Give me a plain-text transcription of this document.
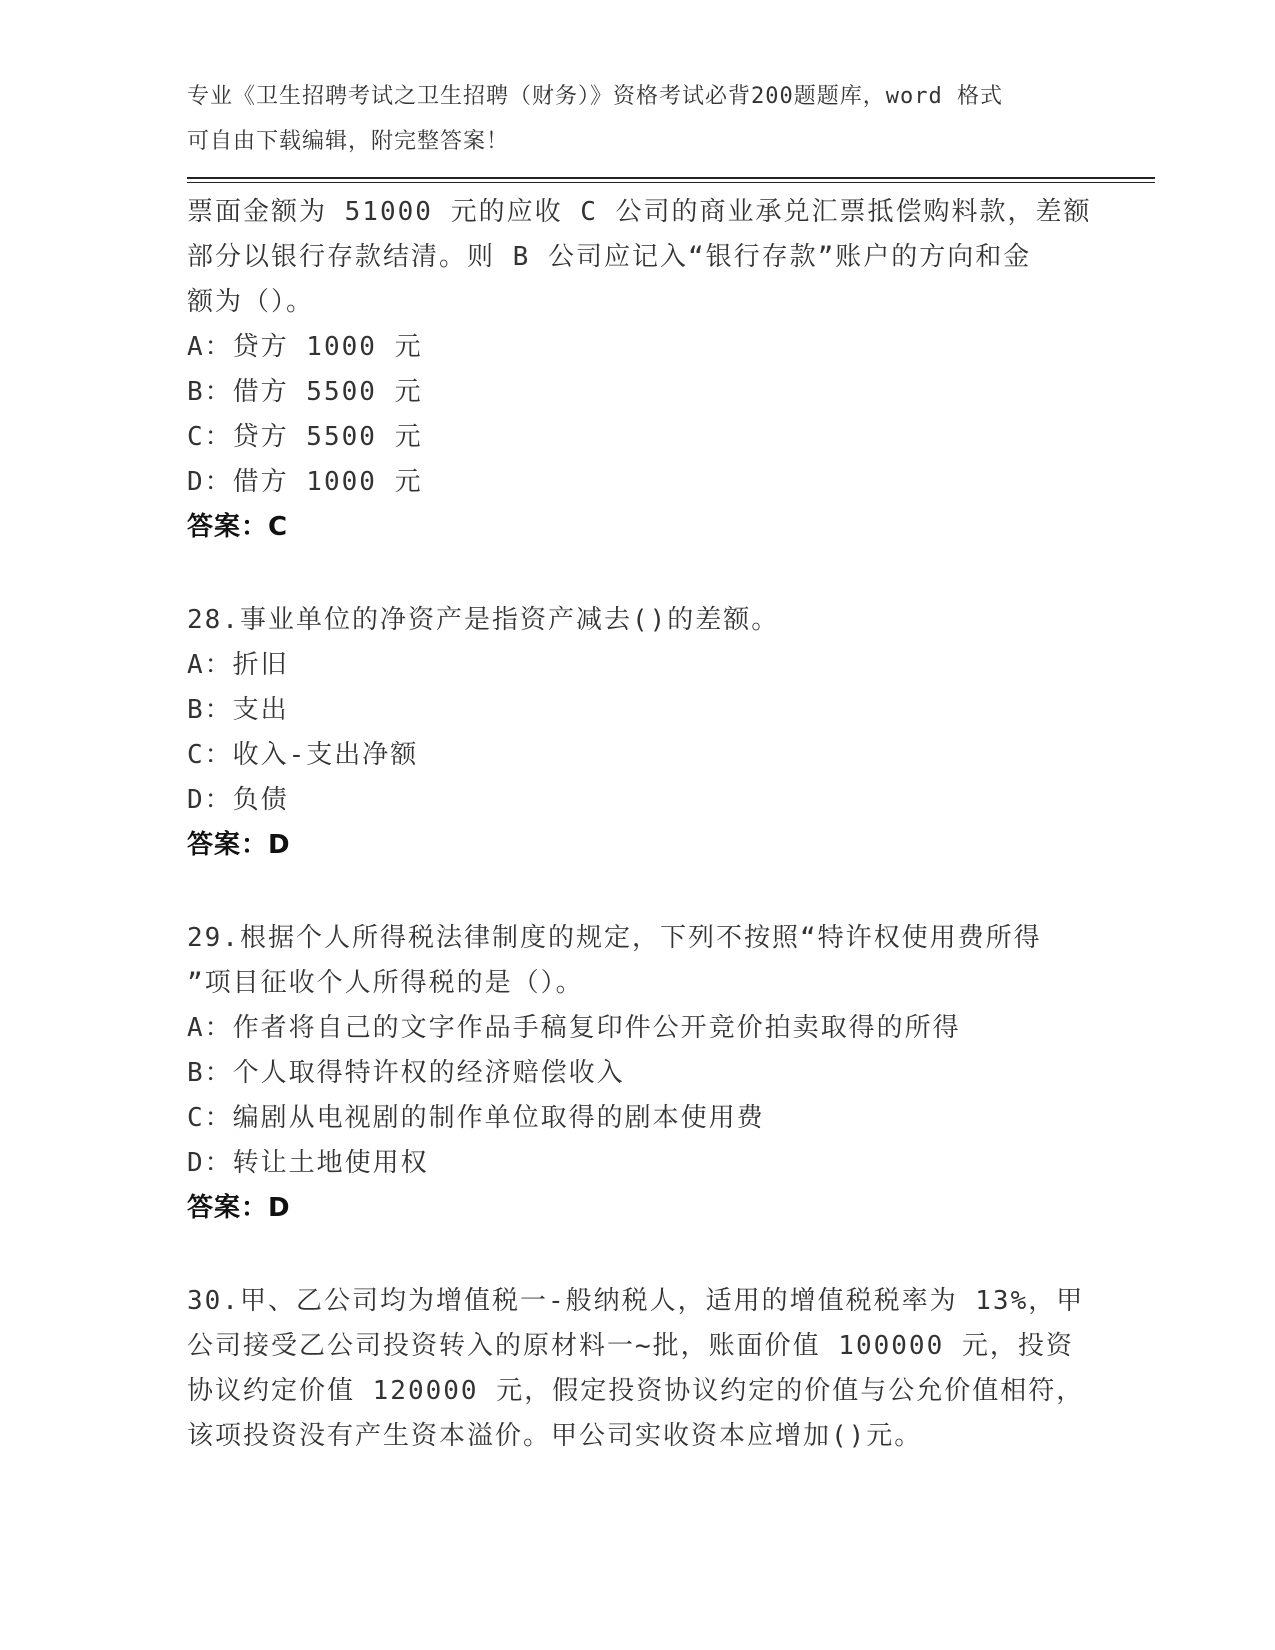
专业《卫生招聘考试之卫生招聘（财务）》资格考试必背200题题库，word 格式
可自由下载编辑，附完整答案！
票面金额为 51000 元的应收 C 公司的商业承兑汇票抵偿购料款，差额
部分以银行存款结清。则 B 公司应记入“银行存款”账户的方向和金
额为（）。
A：贷方 1000 元
B：借方 5500 元
C：贷方 5500 元
D：借方 1000 元
答案：C
28.事业单位的净资产是指资产减去()的差额。
A：折旧
B：支出
C：收入-支出净额
D：负债
答案：D
29.根据个人所得税法律制度的规定，下列不按照“特许权使用费所得
”项目征收个人所得税的是（）。
A：作者将自己的文字作品手稿复印件公开竞价拍卖取得的所得
B：个人取得特许权的经济赔偿收入
C：编剧从电视剧的制作单位取得的剧本使用费
D：转让土地使用权
答案：D
30.甲、乙公司均为增值税一-般纳税人，适用的增值税税率为 13%，甲
公司接受乙公司投资转入的原材料一~批，账面价值 100000 元，投资
协议约定价值 120000 元，假定投资协议约定的价值与公允价值相符，
该项投资没有产生资本溢价。甲公司实收资本应增加()元。
